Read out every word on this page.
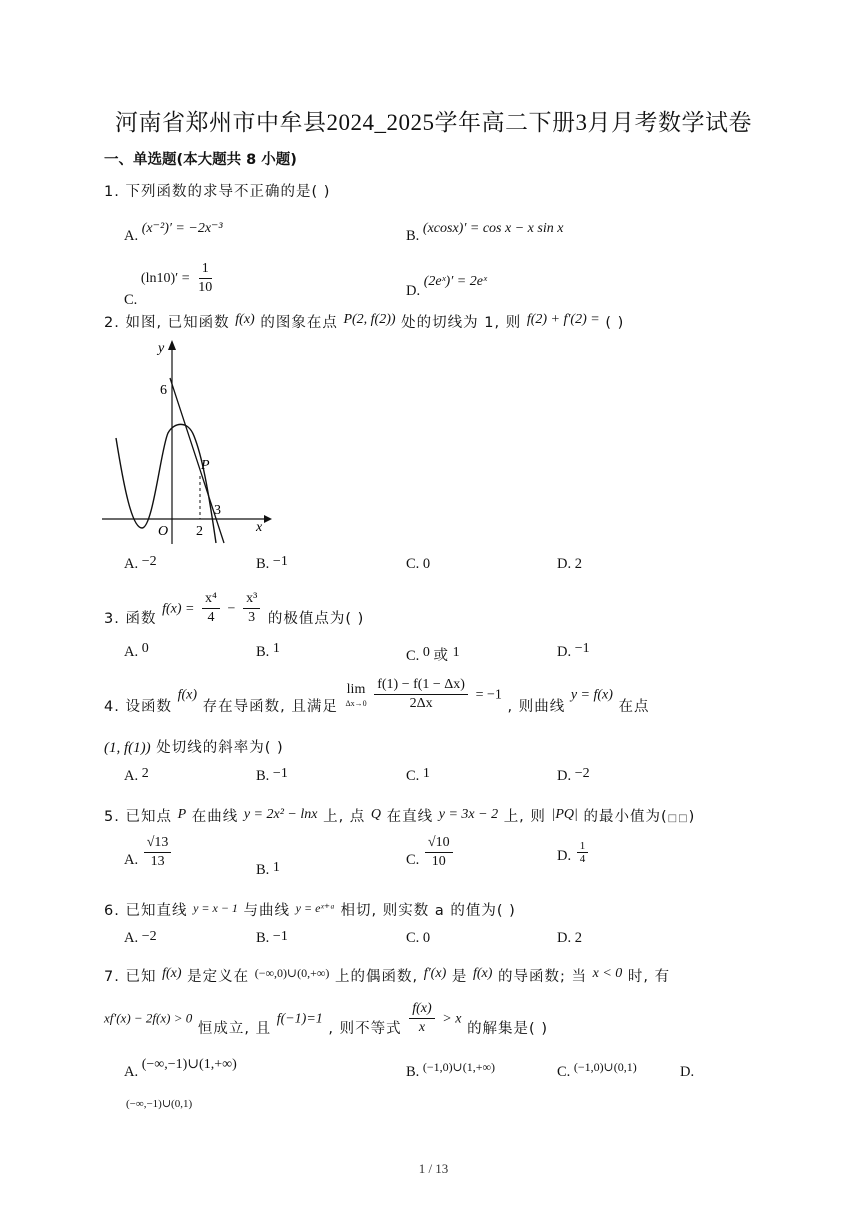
河南省郑州市中牟县2024_2025学年高二下册3月月考数学试卷
一、单选题(本大题共 8 小题)
1. 下列函数的求导不正确的是( )
A. (x⁻²)′ = −2x⁻³	B. (xcosx)′ = cos x − x sin x
C. $(\ln 10)' = \frac{1}{10}$	D. (2eˣ)′ = 2eˣ
2. 如图, 已知函数 f(x) 的图象在点 P(2, f(2)) 处的切线为 1, 则 f(2) + f′(2) = ( )
y
x
O
6
2
3
P
A. −2	B. −1	C. 0	D. 2
3. 函数 $f(x) = \frac{\text{x⁴}}{4} - \frac{\text{x³}}{3}$ 的极值点为( )
A. 0	B. 1	C. 0 或 1	D. −1
4. 设函数 f(x) 存在导函数, 且满足
lim
Δx→0
$\frac{f(1) - f(1 - \Delta x)}{2\Delta x} = -1$ , 则曲线 y = f(x) 在点
(1, f(1)) 处切线的斜率为( )
A. 2	B. −1	C. 1	D. −2
5. 已知点 P 在曲线 y = 2x² − lnx 上, 点 Q 在直线 y = 3x − 2 上, 则 |PQ| 的最小值为(□□)
A. $\frac{√13}{13}$	B. 1	C. $\frac{√10}{10}$	D. $\frac{1}{4}$
6. 已知直线 $^{y = x - 1}$ 与曲线 $^{y = eˣ^+ᵃ}$ 相切, 则实数 a 的值为( )
A. −2	B. −1	C. 0	D. 2
7. 已知 f(x) 是定义在 $^{(-\infty,0)\cup(0,+\infty)}$ 上的偶函数, f′(x) 是 f(x) 的导函数; 当 x < 0 时, 有
xf′(x) − 2f(x) > 0 恒成立, 且 f(−1)=1 , 则不等式 $\frac{f(x)}{x} > x$ 的解集是( )
A. (−∞,−1)∪(1,+∞)	B. $^{(-1,0)\cup(1,+\infty)}$	C. $^{(-1,0)\cup(0,1)}$	D.
(−∞,−1)∪(0,1)
1 / 13
